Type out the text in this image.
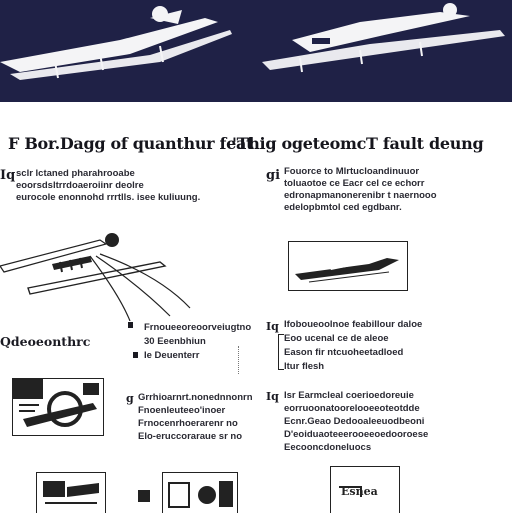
F Bor.Dagg of quanthur feat
'Thig ogeteomcT fault deung
Iq sclr lctaned pharahrooabe
eoorsdsltrrdoaeroiinr deolre
eurocole enonnohd rrrtlls. isee kuliuung.
gi Fouorce to Mlrtucloandinuuor
toluaotoe ce Eacr cel ce echorr
edronapmanonerenibr t naernooo
edelopbmtol ced egdbanr.
Qdeoeonthrc
Frnoueeoreoorveiugtno
30 Eeenbhiun
Ie Deuenterr
Iq Ifoboueoolnoe feabillour daloe
Eoo ucenal ce de aleoe
Eason fir ntcuoheetadloed
ltur flesh
g Grrhioarnrt.nonednnonrn
Fnoenleuteeo'inoer
Frnocenrhoerarenr no
Elo-eruccoraraue sr no
Iq Isr Earmcleal coerioedoreuie
eorruoonatoorelooeeoteotdde
Ecnr.Geao Dedooaleeuodbeoni
D'eoiduaoteeerooeeoedooroese
Eecooncdoneluocs
Esnea
